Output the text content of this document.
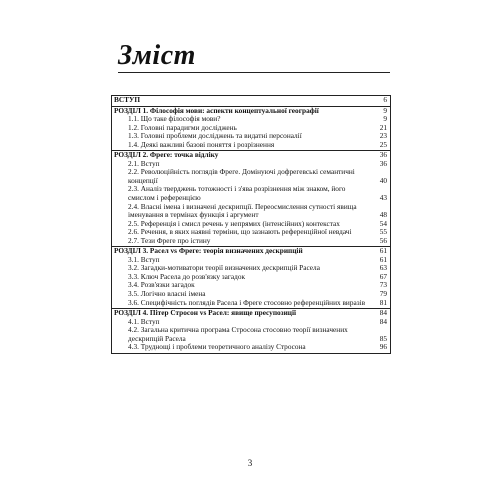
Зміст
ВСТУП	6
РОЗДІЛ 1. Філософія мови: аспекти концептуальної географії	9
1.1. Що таке філософія мови?	9
1.2. Головні парадигми досліджень	21
1.3. Головні проблеми досліджень та видатні персоналії	23
1.4. Деякі важливі базові поняття і розрізнення	25
РОЗДІЛ 2. Фреге: точка відліку	36
2.1. Вступ	36
2.2. Революційність поглядів Фреге. Домінуючі дофрегевські семантичні концепції	40
2.3. Аналіз тверджень тотожності і з'ява розрізнення між знаком, його смислом і референцією	43
2.4. Власні імена і визначені дескрипції. Переосмислення сутності явища іменування в термінах функція і аргумент	48
2.5. Референція і смисл речень у непрямих (інтенсійних) контекстах	54
2.6. Речення, в яких наявні терміни, що зазнають референційної невдачі	55
2.7. Тези Фреге про істину	56
РОЗДІЛ 3. Расел vs Фреге: теорія визначених дескрипцій	61
3.1. Вступ	61
3.2. Загадки-мотиватори теорії визначених дескрипцій Расела	63
3.3. Ключ Расела до розв'язку загадок	67
3.4. Розв'язки загадок	73
3.5. Логічно власні імена	79
3.6. Специфічність поглядів Расела і Фреге стосовно референційних виразів 81
РОЗДІЛ 4. Пітер Стросон vs Расел: явище пресупозиції	84
4.1. Вступ	84
4.2. Загальна критична програма Стросона стосовно теорії визначених дескрипцій Расела	85
4.3. Труднощі і проблеми теоретичного аналізу Стросона	96
3
